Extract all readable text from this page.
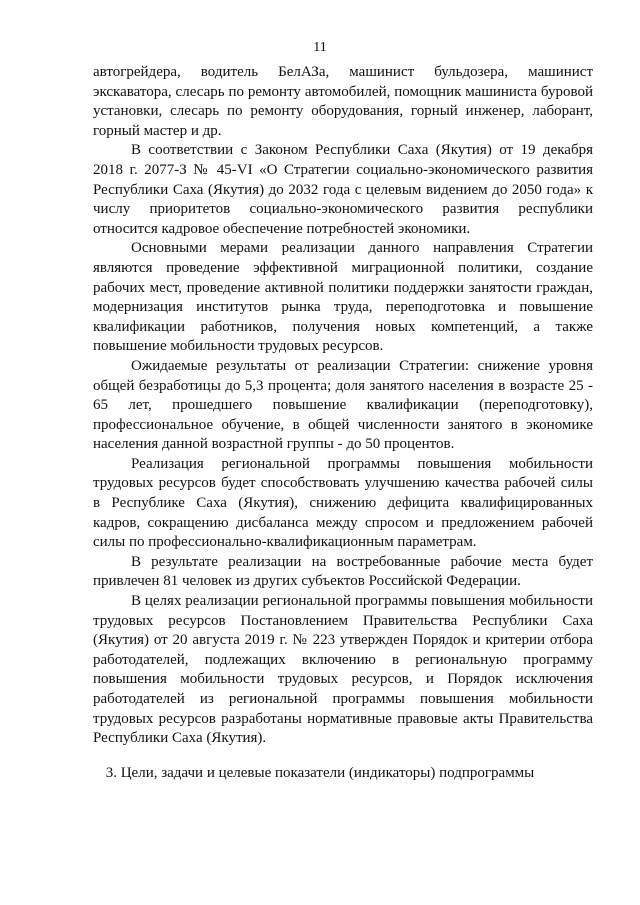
11

автогрейдера, водитель БелАЗа, машинист бульдозера, машинист экскаватора, слесарь по ремонту автомобилей, помощник машиниста буровой установки, слесарь по ремонту оборудования, горный инженер, лаборант, горный мастер и др.

В соответствии с Законом Республики Саха (Якутия) от 19 декабря 2018 г. 2077-З № 45-VI «О Стратегии социально-экономического развития Республики Саха (Якутия) до 2032 года с целевым видением до 2050 года» к числу приоритетов социально-экономического развития республики относится кадровое обеспечение потребностей экономики.

Основными мерами реализации данного направления Стратегии являются проведение эффективной миграционной политики, создание рабочих мест, проведение активной политики поддержки занятости граждан, модернизация институтов рынка труда, переподготовка и повышение квалификации работников, получения новых компетенций, а также повышение мобильности трудовых ресурсов.

Ожидаемые результаты от реализации Стратегии: снижение уровня общей безработицы до 5,3 процента; доля занятого населения в возрасте 25 - 65 лет, прошедшего повышение квалификации (переподготовку), профессиональное обучение, в общей численности занятого в экономике населения данной возрастной группы - до 50 процентов.

Реализация региональной программы повышения мобильности трудовых ресурсов будет способствовать улучшению качества рабочей силы в Республике Саха (Якутия), снижению дефицита квалифицированных кадров, сокращению дисбаланса между спросом и предложением рабочей силы по профессионально-квалификационным параметрам.

В результате реализации на востребованные рабочие места будет привлечен 81 человек из других субъектов Российской Федерации.

В целях реализации региональной программы повышения мобильности трудовых ресурсов Постановлением Правительства Республики Саха (Якутия) от 20 августа 2019 г. № 223 утвержден Порядок и критерии отбора работодателей, подлежащих включению в региональную программу повышения мобильности трудовых ресурсов, и Порядок исключения работодателей из региональной программы повышения мобильности трудовых ресурсов разработаны нормативные правовые акты Правительства Республики Саха (Якутия).

3. Цели, задачи и целевые показатели (индикаторы) подпрограммы
